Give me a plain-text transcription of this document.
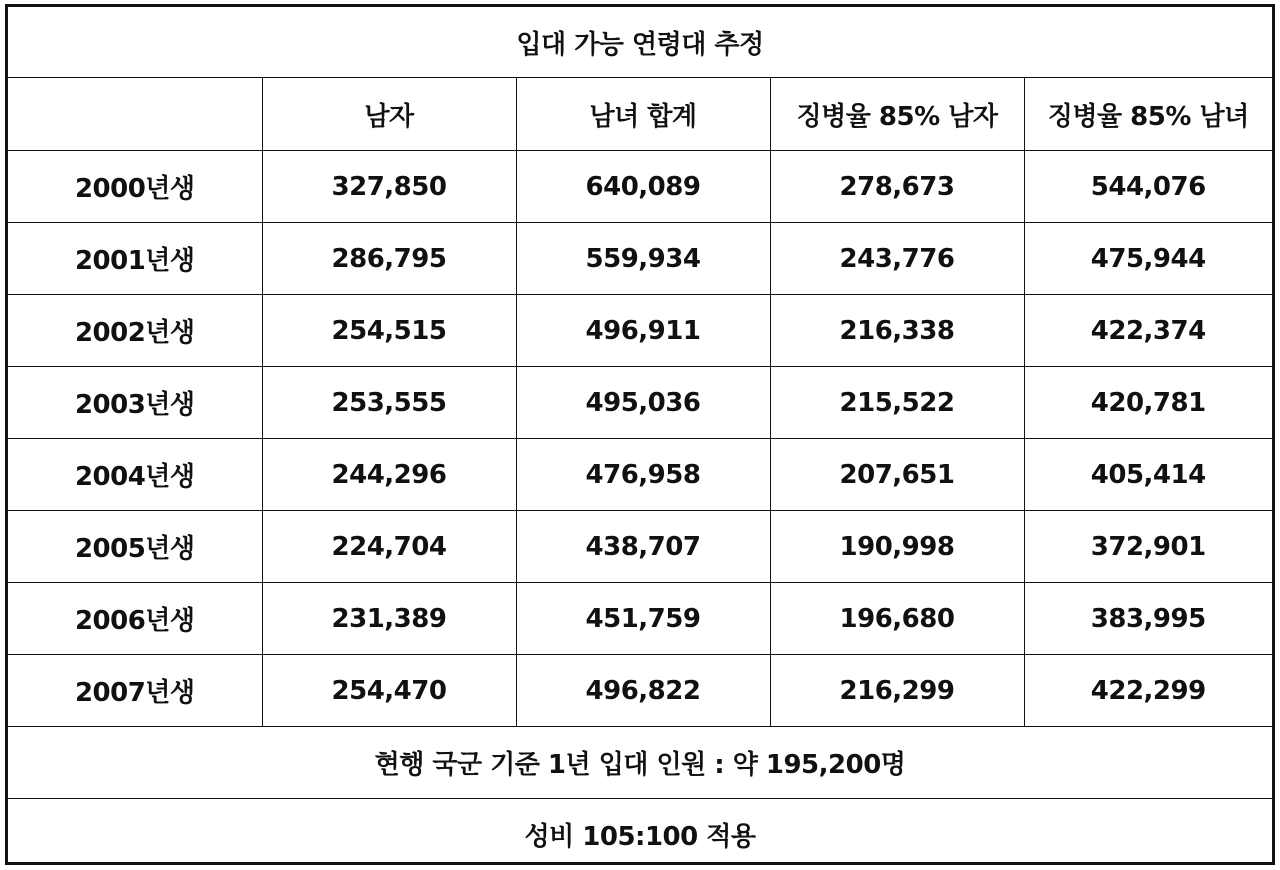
입대 가능 연령대 추정				
	남자	남녀 합계	징병율 85% 남자	징병율 85% 남녀
2000년생	327,850	640,089	278,673	544,076
2001년생	286,795	559,934	243,776	475,944
2002년생	254,515	496,911	216,338	422,374
2003년생	253,555	495,036	215,522	420,781
2004년생	244,296	476,958	207,651	405,414
2005년생	224,704	438,707	190,998	372,901
2006년생	231,389	451,759	196,680	383,995
2007년생	254,470	496,822	216,299	422,299
현행 국군 기준 1년 입대 인원 : 약 195,200명				
성비 105:100 적용				
